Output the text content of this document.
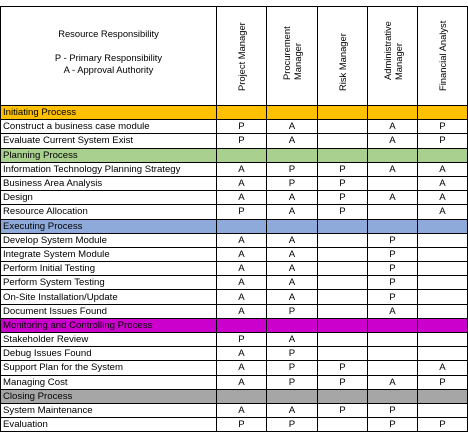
Resource Responsibility
P - Primary Responsibility
A - Approval Authority	Project Manager	Procurement Manager	Risk Manager	Administrative Manager	Financial Analyst

Initiating Process					
Construct a business case module	P	A		A	P
Evaluate Current System Exist	P	A		A	P
Planning Process					
Information Technology Planning Strategy	A	P	P	A	A
Business Area Analysis	A	P	P		A
Design	A	A	P	A	A
Resource Allocation	P	A	P		A
Executing Process					
Develop System Module	A	A		P	
Integrate System Module	A	A		P	
Perform Initial Testing	A	A		P	
Perform System Testing	A	A		P	
On-Site Installation/Update	A	A		P	
Document Issues Found	A	P		A	
Monitoring and Controlling Process					
Stakeholder Review	P	A			
Debug Issues Found	A	P			
Support Plan for the System	A	P	P		A
Managing Cost	A	P	P	A	P
Closing Process					
System Maintenance	A	A	P	P	
Evaluation	P	P		P	P
